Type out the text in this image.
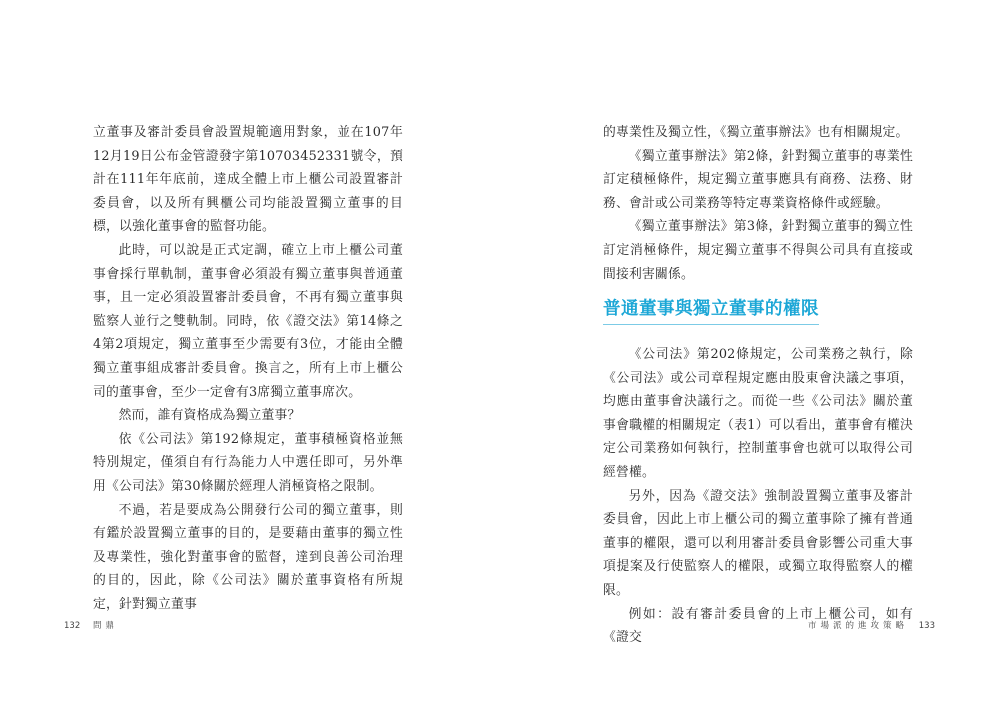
立董事及審計委員會設置規範適用對象，並在107年12月19日公布金管證發字第10703452331號令，預計在111年年底前，達成全體上市上櫃公司設置審計委員會，以及所有興櫃公司均能設置獨立董事的目標，以強化董事會的監督功能。

此時，可以說是正式定調，確立上市上櫃公司董事會採行單軌制，董事會必須設有獨立董事與普通董事，且一定必須設置審計委員會，不再有獨立董事與監察人並行之雙軌制。同時，依《證交法》第14條之4第2項規定，獨立董事至少需要有3位，才能由全體獨立董事組成審計委員會。換言之，所有上市上櫃公司的董事會，至少一定會有3席獨立董事席次。

然而，誰有資格成為獨立董事？

依《公司法》第192條規定，董事積極資格並無特別規定，僅須自有行為能力人中選任即可，另外準用《公司法》第30條關於經理人消極資格之限制。

不過，若是要成為公開發行公司的獨立董事，則有鑑於設置獨立董事的目的，是要藉由董事的獨立性及專業性，強化對董事會的監督，達到良善公司治理的目的，因此，除《公司法》關於董事資格有所規定，針對獨立董事

132 問鼎

的專業性及獨立性，《獨立董事辦法》也有相關規定。

《獨立董事辦法》第2條，針對獨立董事的專業性訂定積極條件，規定獨立董事應具有商務、法務、財務、會計或公司業務等特定專業資格條件或經驗。

《獨立董事辦法》第3條，針對獨立董事的獨立性訂定消極條件，規定獨立董事不得與公司具有直接或間接利害關係。

普通董事與獨立董事的權限

《公司法》第202條規定，公司業務之執行，除《公司法》或公司章程規定應由股東會決議之事項，均應由董事會決議行之。而從一些《公司法》關於董事會職權的相關規定（表1）可以看出，董事會有權決定公司業務如何執行，控制董事會也就可以取得公司經營權。

另外，因為《證交法》強制設置獨立董事及審計委員會，因此上市上櫃公司的獨立董事除了擁有普通董事的權限，還可以利用審計委員會影響公司重大事項提案及行使監察人的權限，或獨立取得監察人的權限。

例如：設有審計委員會的上市上櫃公司，如有《證交

市場派的進攻策略 133
